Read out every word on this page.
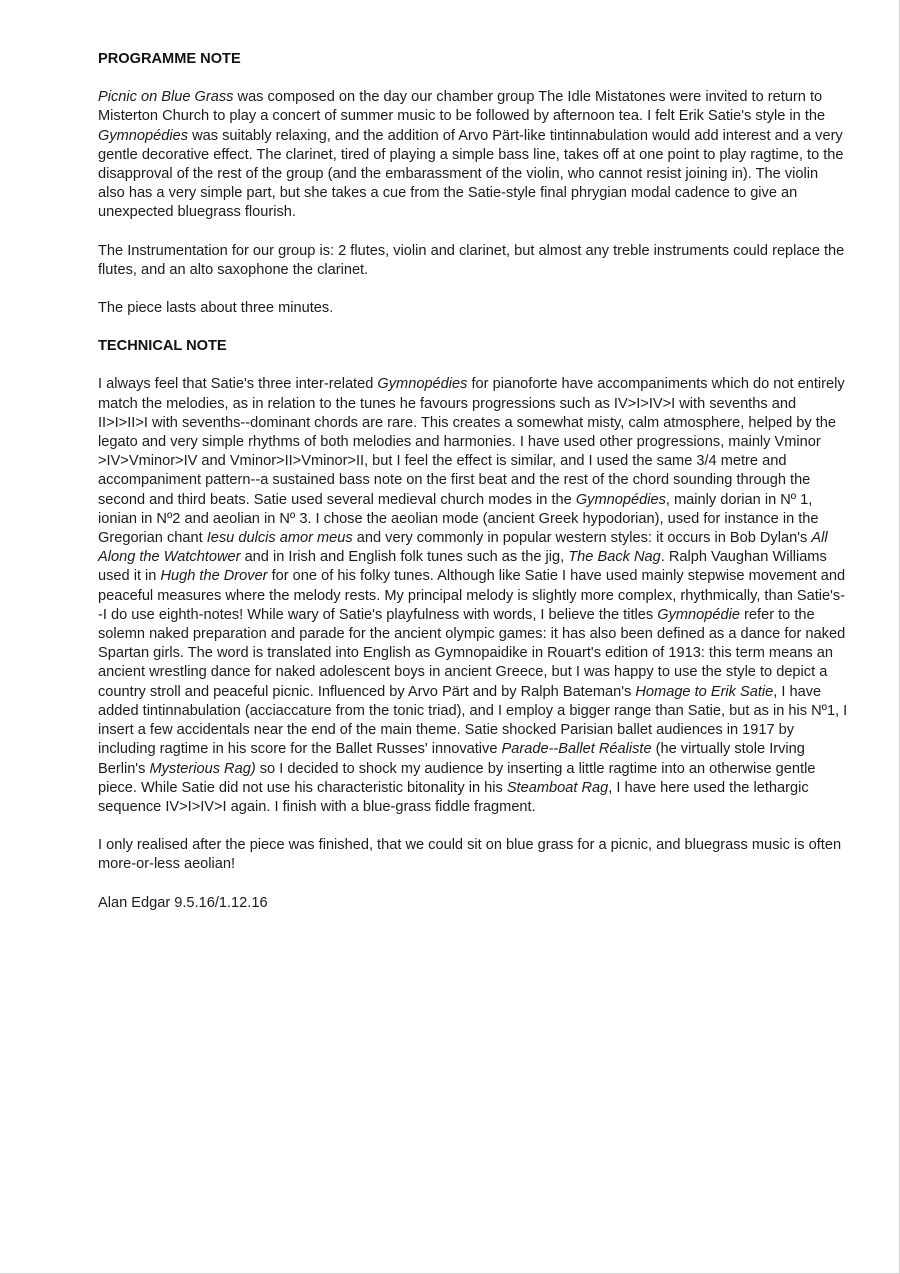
PROGRAMME NOTE

Picnic on Blue Grass was composed on the day our chamber group The Idle Mistatones were invited to return to Misterton Church to play a concert of summer music to be followed by afternoon tea. I felt Erik Satie's style in the Gymnopédies was suitably relaxing, and the addition of Arvo Pärt-like tintinnabulation would add interest and a very gentle decorative effect. The clarinet, tired of playing a simple bass line, takes off at one point to play ragtime, to the disapproval of the rest of the group (and the embarassment of the violin, who cannot resist joining in). The violin also has a very simple part, but she takes a cue from the Satie-style final phrygian modal cadence to give an unexpected bluegrass flourish.

The Instrumentation for our group is: 2 flutes, violin and clarinet, but almost any treble instruments could replace the flutes, and an alto saxophone the clarinet.

The piece lasts about three minutes.

TECHNICAL NOTE

I always feel that Satie's three inter-related Gymnopédies for pianoforte have accompaniments which do not entirely match the melodies, as in relation to the tunes he favours progressions such as IV>I>IV>I with sevenths and II>I>II>I with sevenths--dominant chords are rare. This creates a somewhat misty, calm atmosphere, helped by the legato and very simple rhythms of both melodies and harmonies. I have used other progressions, mainly Vminor >IV>Vminor>IV and Vminor>II>Vminor>II, but I feel the effect is similar, and I used the same 3/4 metre and accompaniment pattern--a sustained bass note on the first beat and the rest of the chord sounding through the second and third beats. Satie used several medieval church modes in the Gymnopédies, mainly dorian in Nº 1, ionian in Nº2 and aeolian in Nº 3. I chose the aeolian mode (ancient Greek hypodorian), used for instance in the Gregorian chant Iesu dulcis amor meus and very commonly in popular western styles: it occurs in Bob Dylan's All Along the Watchtower and in Irish and English folk tunes such as the jig, The Back Nag. Ralph Vaughan Williams used it in Hugh the Drover for one of his folky tunes. Although like Satie I have used mainly stepwise movement and peaceful measures where the melody rests. My principal melody is slightly more complex, rhythmically, than Satie's--I do use eighth-notes! While wary of Satie's playfulness with words, I believe the titles Gymnopédie refer to the solemn naked preparation and parade for the ancient olympic games: it has also been defined as a dance for naked Spartan girls. The word is translated into English as Gymnopaidike in Rouart's edition of 1913: this term means an ancient wrestling dance for naked adolescent boys in ancient Greece, but I was happy to use the style to depict a country stroll and peaceful picnic. Influenced by Arvo Pärt and by Ralph Bateman's Homage to Erik Satie, I have added tintinnabulation (acciaccature from the tonic triad), and I employ a bigger range than Satie, but as in his Nº1, I insert a few accidentals near the end of the main theme. Satie shocked Parisian ballet audiences in 1917 by including ragtime in his score for the Ballet Russes' innovative Parade--Ballet Réaliste (he virtually stole Irving Berlin's Mysterious Rag) so I decided to shock my audience by inserting a little ragtime into an otherwise gentle piece. While Satie did not use his characteristic bitonality in his Steamboat Rag, I have here used the lethargic sequence IV>I>IV>I again. I finish with a blue-grass fiddle fragment.

I only realised after the piece was finished, that we could sit on blue grass for a picnic, and bluegrass music is often more-or-less aeolian!

Alan Edgar 9.5.16/1.12.16
